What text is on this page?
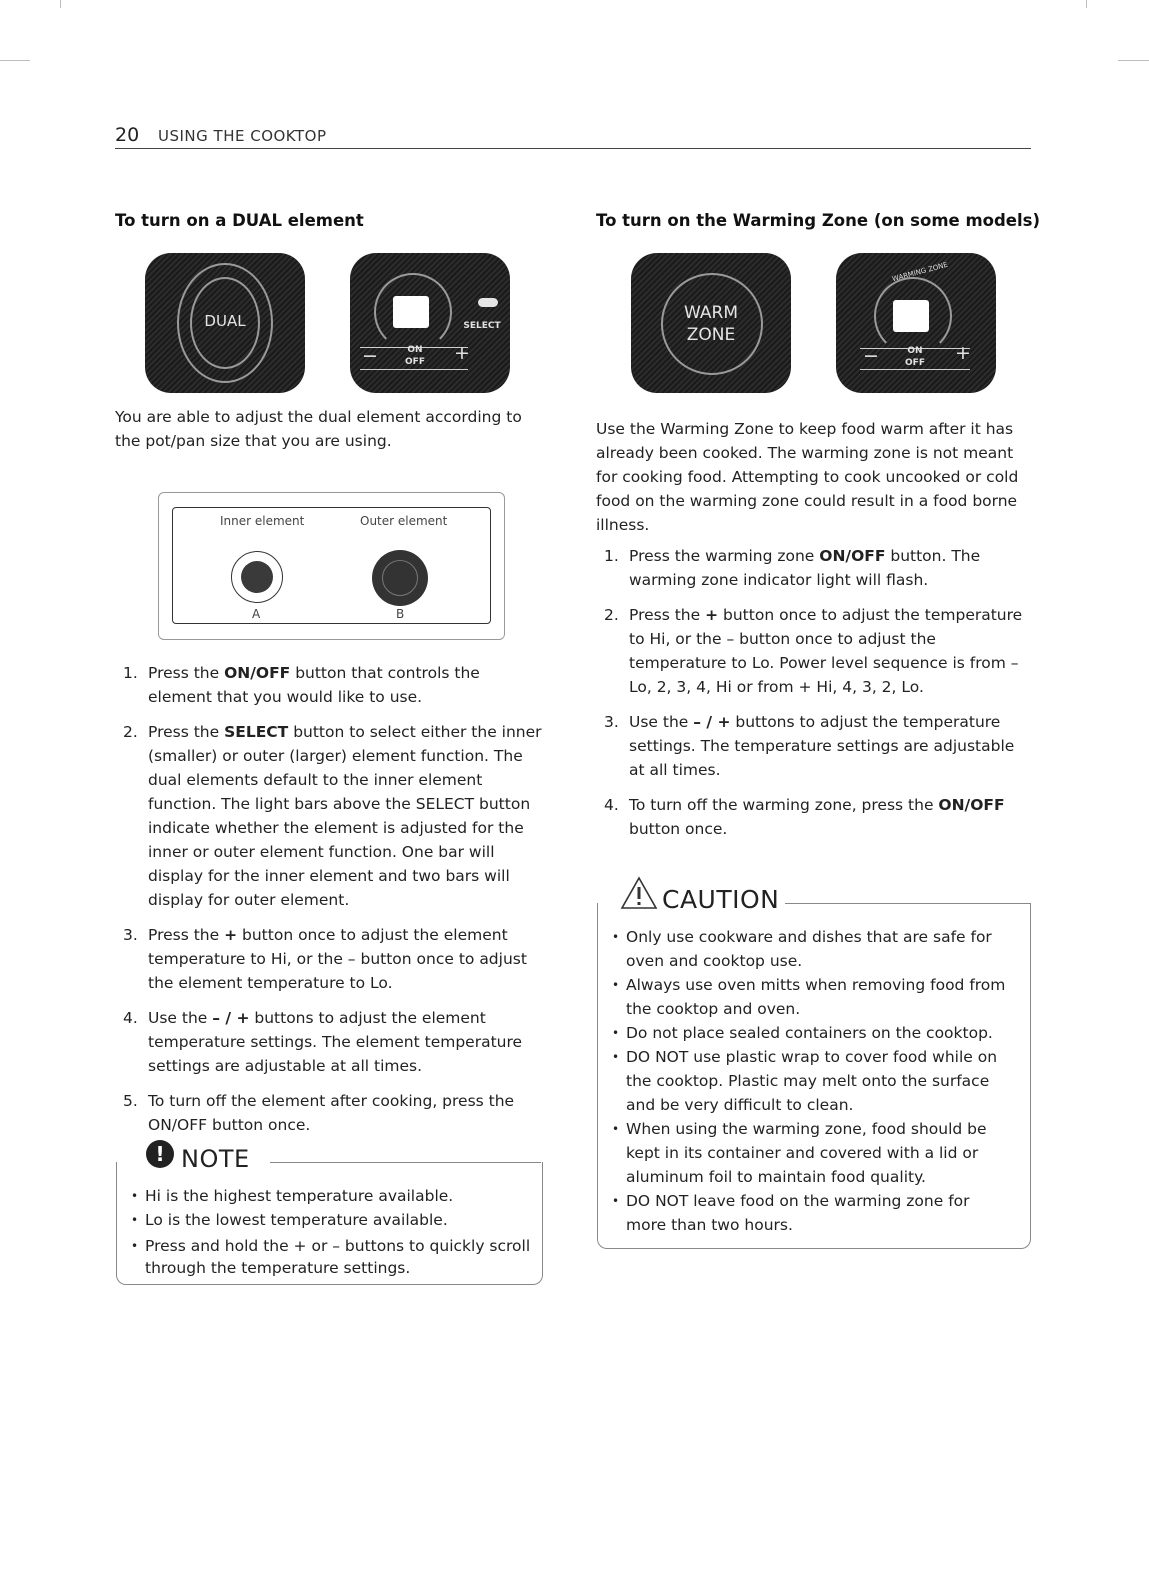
20 USING THE COOKTOP
To turn on a DUAL element
DUAL	SELECT
−	ON
OFF +
You are able to adjust the dual element according to the pot/pan size that you are using.
Inner element	Outer element
A	B
1. Press the ON/OFF button that controls the element that you would like to use.
2. Press the SELECT button to select either the inner (smaller) or outer (larger) element function. The dual elements default to the inner element function. The light bars above the SELECT button indicate whether the element is adjusted for the inner or outer element function. One bar will display for the inner element and two bars will display for outer element.
3. Press the + button once to adjust the element temperature to Hi, or the – button once to adjust the element temperature to Lo.
4. Use the – / + buttons to adjust the element temperature settings. The element temperature settings are adjustable at all times.
5. To turn off the element after cooking, press the ON/OFF button once.
! NOTE
• Hi is the highest temperature available.
• Lo is the lowest temperature available.
• Press and hold the + or – buttons to quickly scroll through the temperature settings.
To turn on the Warming Zone (on some models)
WARM ZONE
WARMING ZONE
−	ON
OFF +
Use the Warming Zone to keep food warm after it has already been cooked. The warming zone is not meant for cooking food. Attempting to cook uncooked or cold food on the warming zone could result in a food borne illness.
1. Press the warming zone ON/OFF button. The warming zone indicator light will flash.
2. Press the + button once to adjust the temperature to Hi, or the – button once to adjust the temperature to Lo. Power level sequence is from – Lo, 2, 3, 4, Hi or from + Hi, 4, 3, 2, Lo.
3. Use the – / + buttons to adjust the temperature settings. The temperature settings are adjustable at all times.
4. To turn off the warming zone, press the ON/OFF button once.
CAUTION
• Only use cookware and dishes that are safe for oven and cooktop use.
• Always use oven mitts when removing food from the cooktop and oven.
• Do not place sealed containers on the cooktop.
• DO NOT use plastic wrap to cover food while on the cooktop. Plastic may melt onto the surface and be very difficult to clean.
• When using the warming zone, food should be kept in its container and covered with a lid or aluminum foil to maintain food quality.
• DO NOT leave food on the warming zone for more than two hours.
